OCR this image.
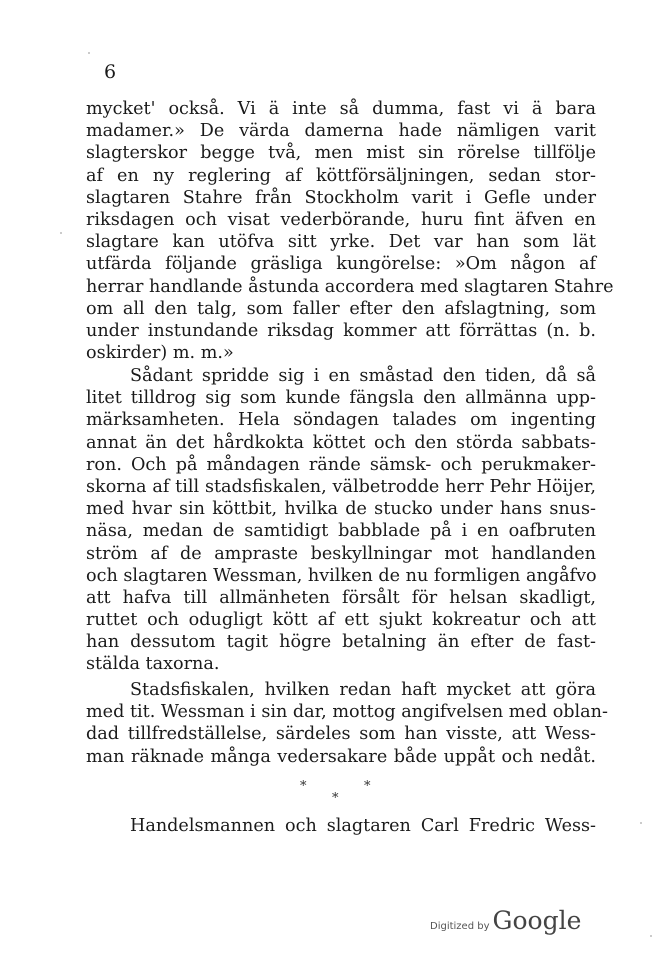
6
mycket' också. Vi ä inte så dumma, fast vi ä bara
madamer.» De värda damerna hade nämligen varit
slagterskor begge två, men mist sin rörelse tillfölje
af en ny reglering af köttförsäljningen, sedan stor-
slagtaren Stahre från Stockholm varit i Gefle under
riksdagen och visat vederbörande, huru fint äfven en
slagtare kan utöfva sitt yrke. Det var han som lät
utfärda följande gräsliga kungörelse: »Om någon af
herrar handlande åstunda accordera med slagtaren Stahre
om all den talg, som faller efter den afslagtning, som
under instundande riksdag kommer att förrättas (n. b.
oskirder) m. m.»
Sådant spridde sig i en småstad den tiden, då så
litet tilldrog sig som kunde fängsla den allmänna upp-
märksamheten. Hela söndagen talades om ingenting
annat än det hårdkokta köttet och den störda sabbats-
ron. Och på måndagen rände sämsk- och perukmaker-
skorna af till stadsfiskalen, välbetrodde herr Pehr Höijer,
med hvar sin köttbit, hvilka de stucko under hans snus-
näsa, medan de samtidigt babblade på i en oafbruten
ström af de ampraste beskyllningar mot handlanden
och slagtaren Wessman, hvilken de nu formligen angåfvo
att hafva till allmänheten försålt för helsan skadligt,
ruttet och odugligt kött af ett sjukt kokreatur och att
han dessutom tagit högre betalning än efter de fast-
stälda taxorna.
Stadsfiskalen, hvilken redan haft mycket att göra
med tit. Wessman i sin dar, mottog angifvelsen med oblan-
dad tillfredställelse, särdeles som han visste, att Wess-
man räknade många vedersakare både uppåt och nedåt.
*	*
*
Handelsmannen och slagtaren Carl Fredric Wess-
Digitized by Google
